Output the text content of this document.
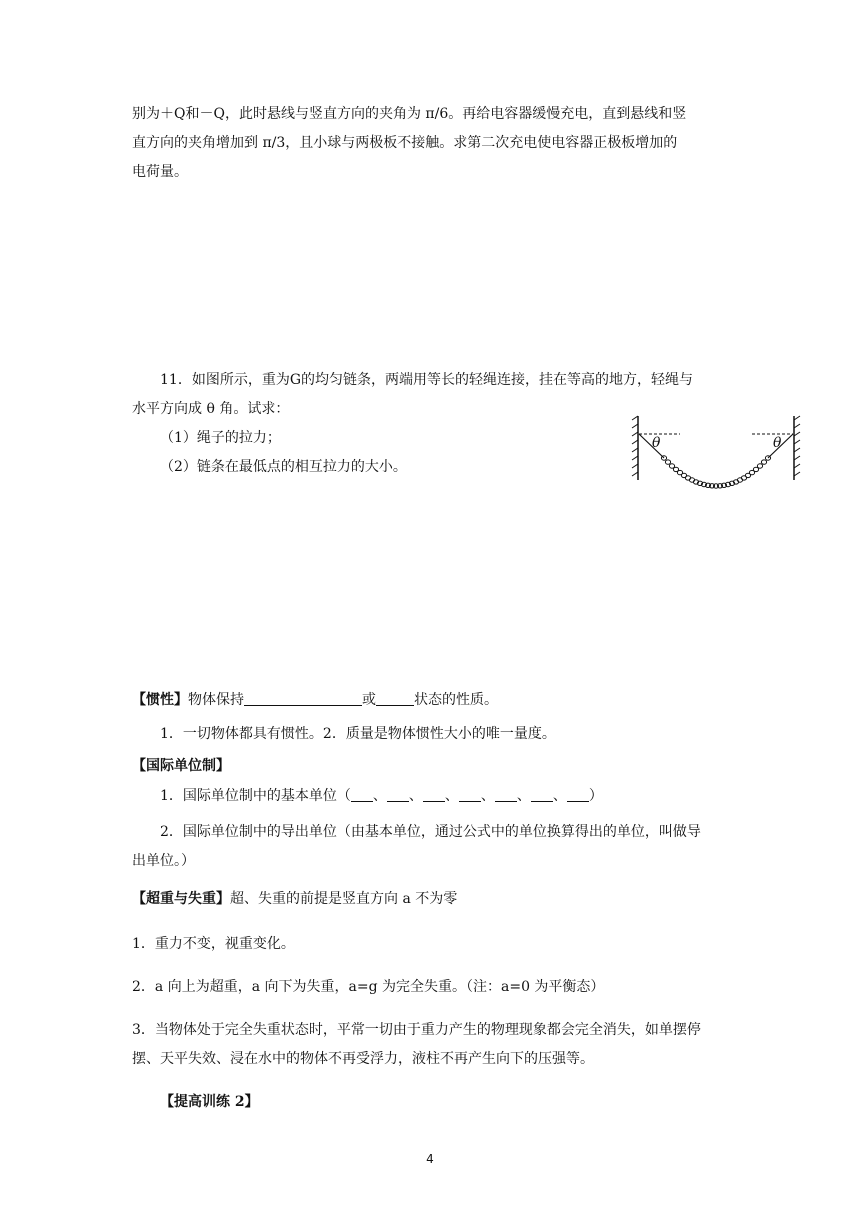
别为＋Q和－Q，此时悬线与竖直方向的夹角为 π/6。再给电容器缓慢充电，直到悬线和竖
直方向的夹角增加到 π/3，且小球与两极板不接触。求第二次充电使电容器正极板增加的
电荷量。
11．如图所示，重为G的均匀链条，两端用等长的轻绳连接，挂在等高的地方，轻绳与
水平方向成 θ 角。试求：
（1）绳子的拉力；
（2）链条在最低点的相互拉力的大小。
θ	θ
【惯性】物体保持	或	状态的性质。
1．一切物体都具有惯性。2．质量是物体惯性大小的唯一量度。
【国际单位制】
1．国际单位制中的基本单位（ 、 、 、 、 、 、 ）
2．国际单位制中的导出单位（由基本单位，通过公式中的单位换算得出的单位，叫做导
出单位。）
【超重与失重】超、失重的前提是竖直方向 a 不为零
1．重力不变，视重变化。
2．a 向上为超重，a 向下为失重，a=g 为完全失重。（注：a=0 为平衡态）
3．当物体处于完全失重状态时，平常一切由于重力产生的物理现象都会完全消失，如单摆停
摆、天平失效、浸在水中的物体不再受浮力，液柱不再产生向下的压强等。
【提高训练 2】
4
